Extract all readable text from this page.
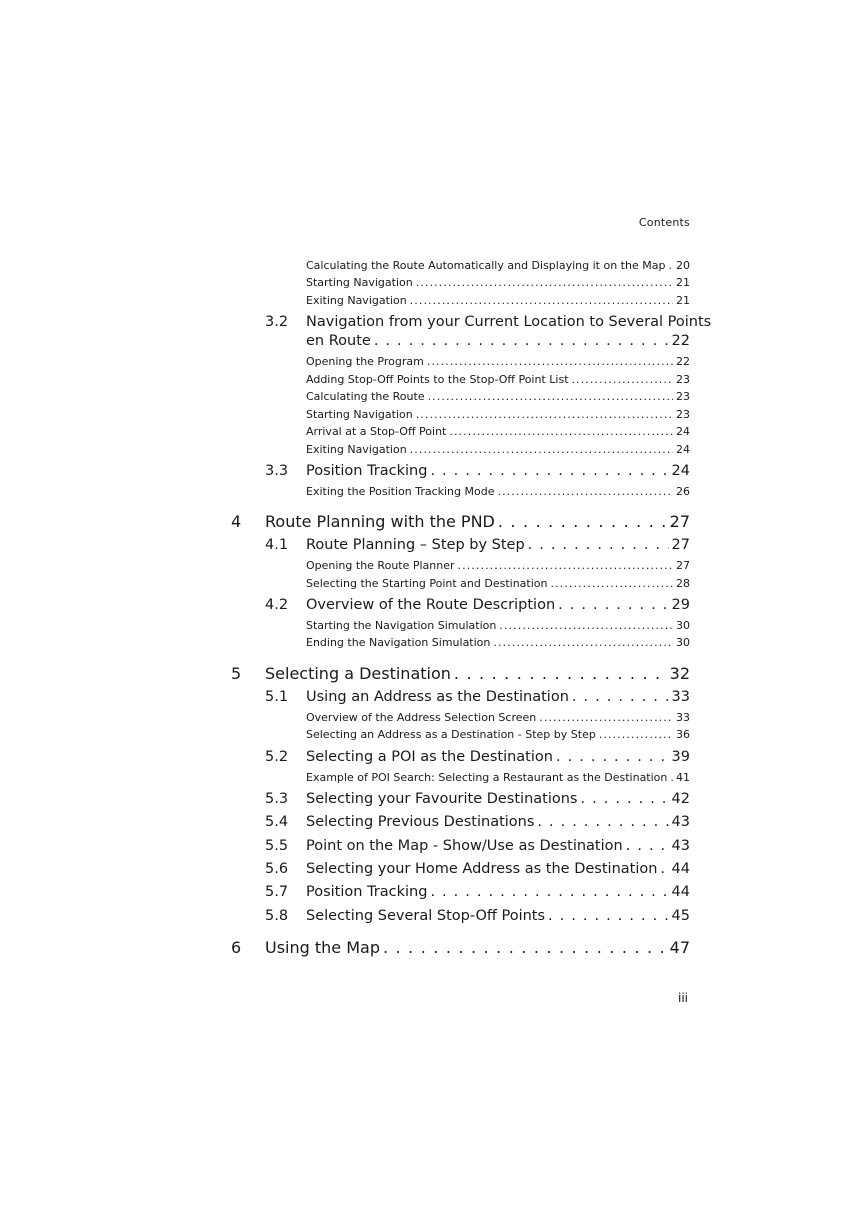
Contents
Calculating the Route Automatically and Displaying it on the Map . . . 20
Starting Navigation . . .	21
Exiting Navigation . . .	21
3.2 Navigation from your Current Location to Several Points
en Route . . .	22
Opening the Program . . .	22
Adding Stop-Off Points to the Stop-Off Point List . . .	23
Calculating the Route . . .	23
Starting Navigation . . .	23
Arrival at a Stop-Off Point . . .	24
Exiting Navigation . . .	24
3.3 Position Tracking . . .	24
Exiting the Position Tracking Mode . . .	26
4 Route Planning with the PND . . .	27
4.1 Route Planning – Step by Step . . .	27
Opening the Route Planner . . .	27
Selecting the Starting Point and Destination . . .	28
4.2 Overview of the Route Description . . .	29
Starting the Navigation Simulation . . .	30
Ending the Navigation Simulation . . .	30
5 Selecting a Destination . . .	32
5.1 Using an Address as the Destination . . .	33
Overview of the Address Selection Screen . . .	33
Selecting an Address as a Destination - Step by Step . . .	36
5.2 Selecting a POI as the Destination . . .	39
Example of POI Search: Selecting a Restaurant as the Destination . . . 41
5.3 Selecting your Favourite Destinations . . .	42
5.4 Selecting Previous Destinations . . .	43
5.5 Point on the Map - Show/Use as Destination . . .	43
5.6 Selecting your Home Address as the Destination . . . 44
5.7 Position Tracking . . .	44
5.8 Selecting Several Stop-Off Points . . .	45
6 Using the Map . . .	47
iii
